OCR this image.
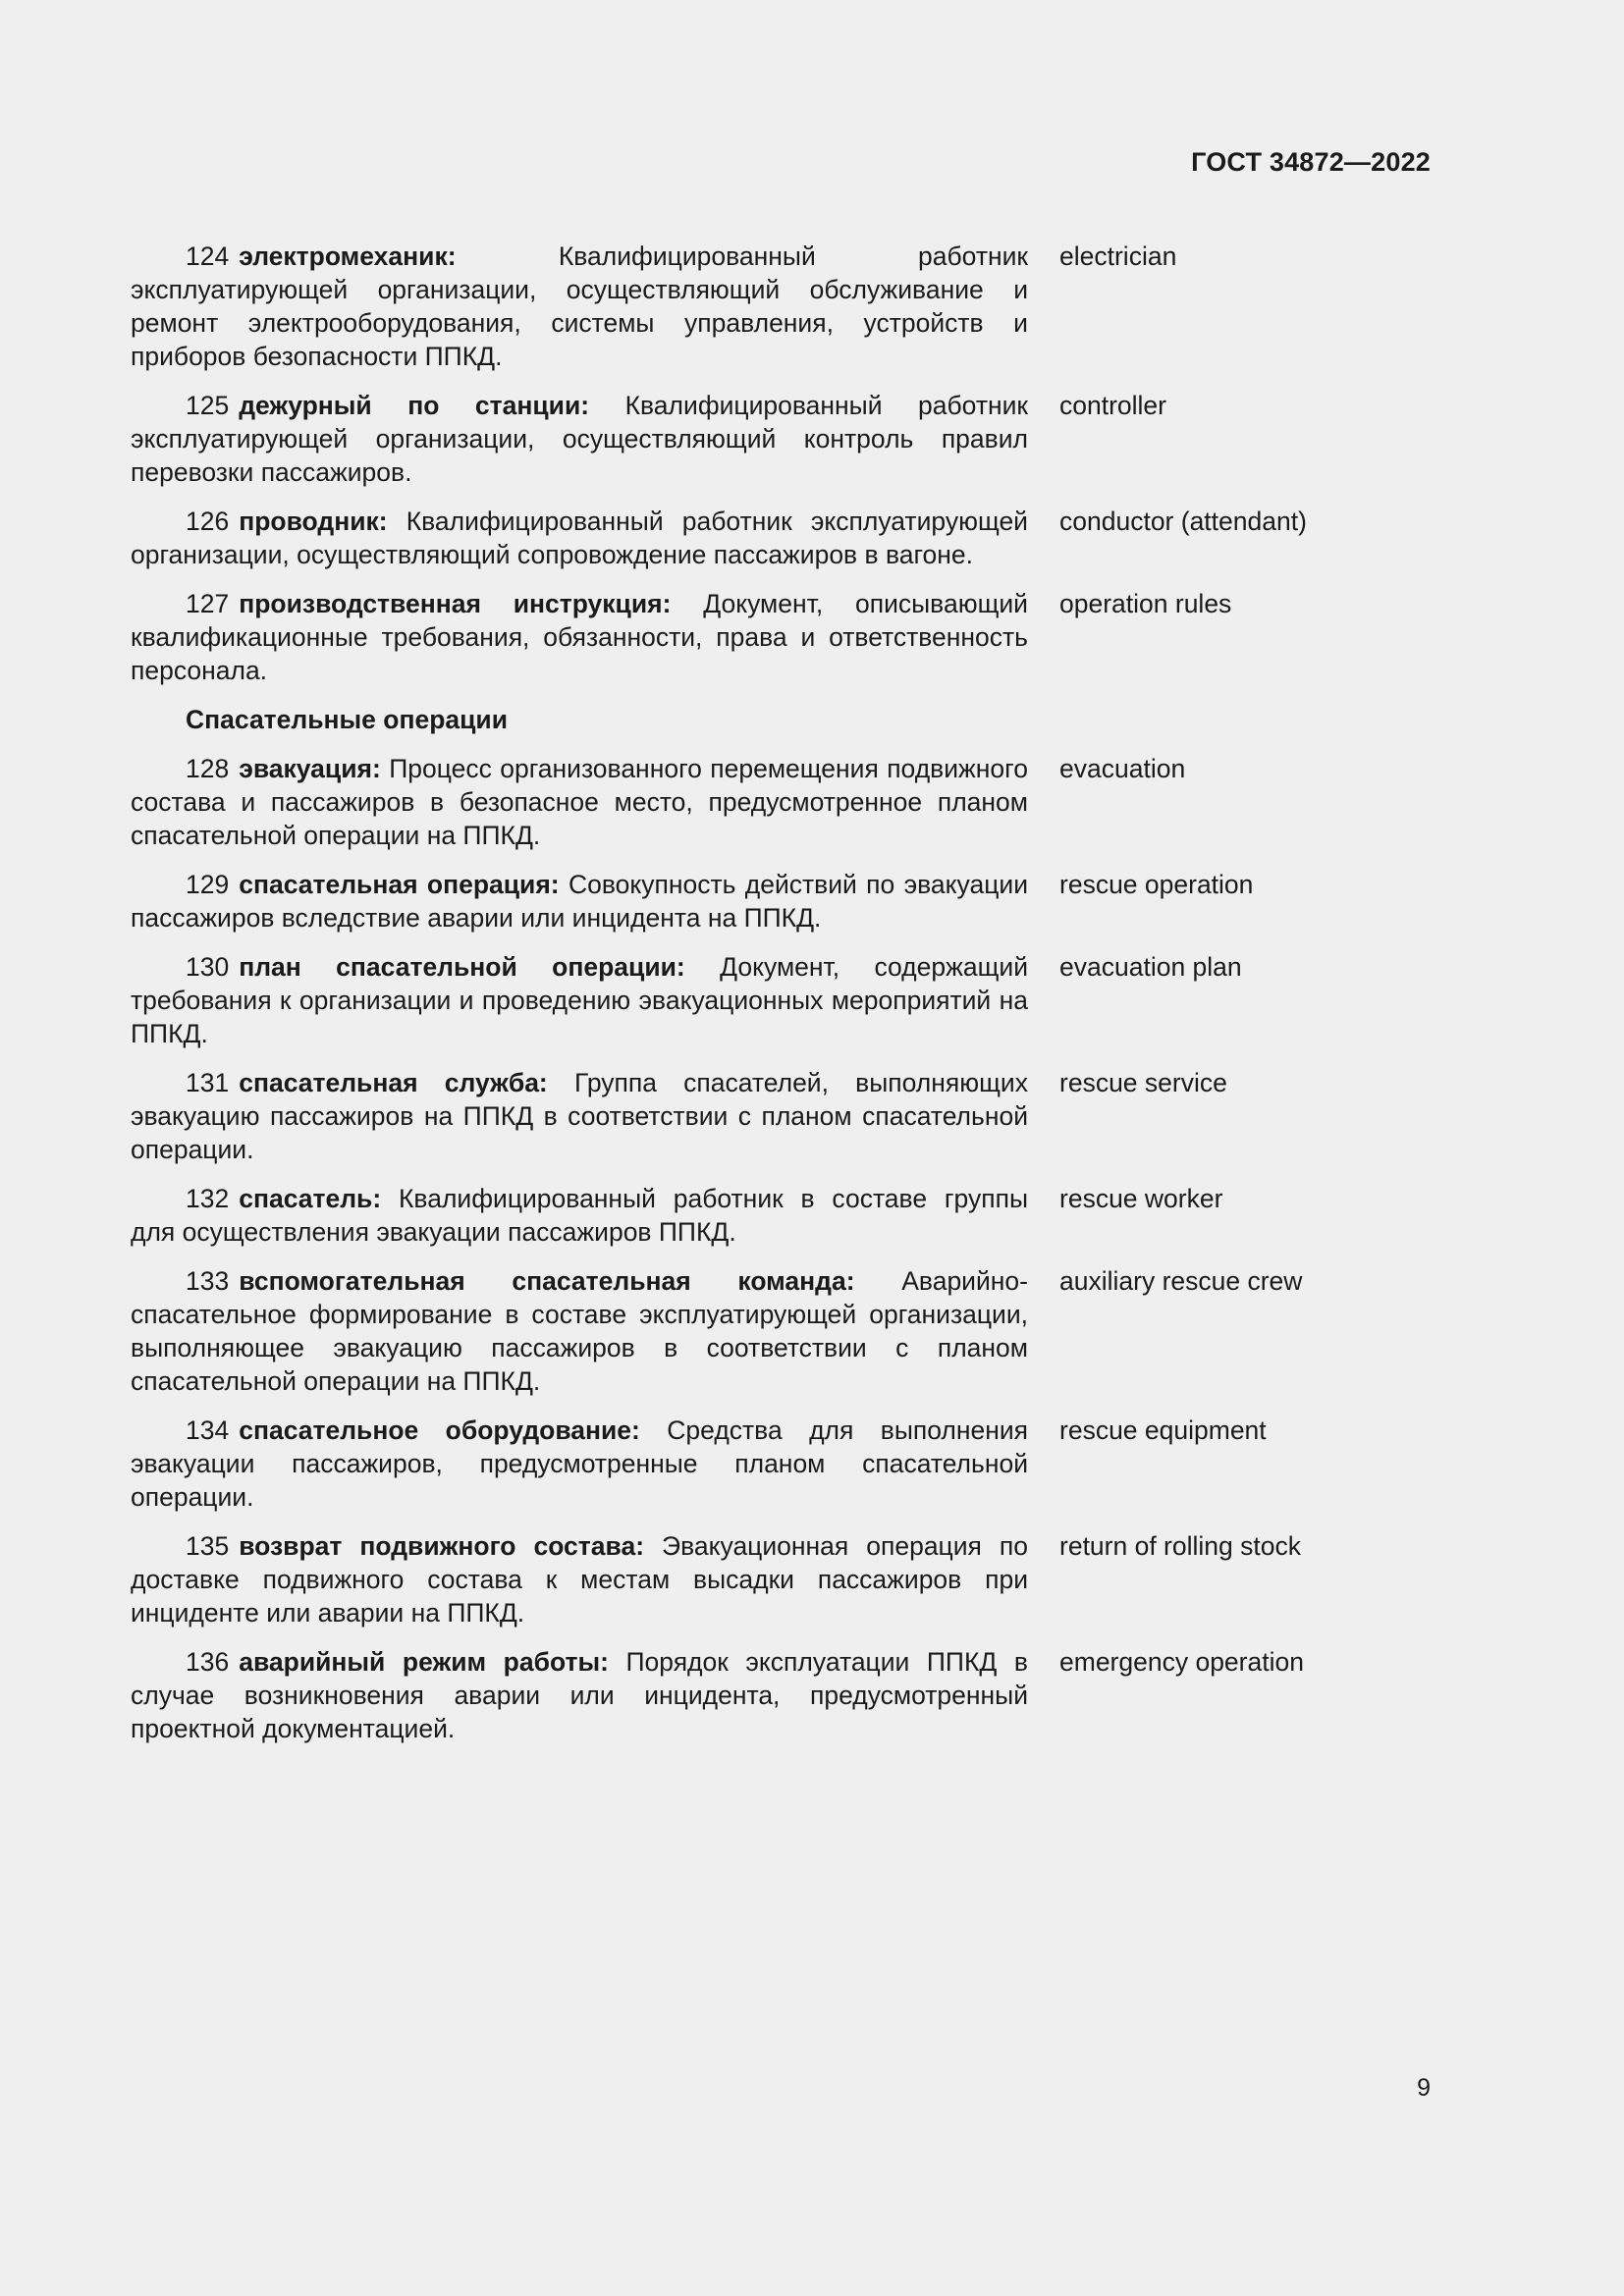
ГОСТ 34872—2022
124 электромеханик:	Квалифицированный работник эксплуатирующей организации, осуществляющий обслуживание и ремонт электрооборудования, системы управления, устройств и приборов безопасности ППКД.
electrician
125 дежурный по станции: Квалифицированный работник эксплуатирующей организации, осуществляющий контроль правил перевозки пассажиров.
controller
126 проводник: Квалифицированный работник эксплуатирующей организации, осуществляющий сопровождение пассажиров в вагоне.
conductor (attendant)
127 производственная инструкция: Документ, описывающий квалификационные требования, обязанности, права и ответственность персонала.
operation rules
Спасательные операции
128 эвакуация: Процесс организованного перемещения подвижного состава и пассажиров в безопасное место, предусмотренное планом спасательной операции на ППКД.
evacuation
129 спасательная операция: Совокупность действий по эвакуации пассажиров вследствие аварии или инцидента на ППКД.
rescue operation
130 план спасательной операции: Документ, содержащий требования к организации и проведению эвакуационных мероприятий на ППКД.
evacuation plan
131 спасательная служба: Группа спасателей, выполняющих эвакуацию пассажиров на ППКД в соответствии с планом спасательной операции.
rescue service
132 спасатель: Квалифицированный работник в составе группы для осуществления эвакуации пассажиров ППКД.
rescue worker
133 вспомогательная спасательная команда: Аварийно-спасательное формирование в составе эксплуатирующей организации, выполняющее эвакуацию пассажиров в соответствии с планом спасательной операции на ППКД.
auxiliary rescue crew
134 спасательное оборудование: Средства для выполнения эвакуации пассажиров, предусмотренные планом спасательной операции.
rescue equipment
135 возврат подвижного состава: Эвакуационная операция по доставке подвижного состава к местам высадки пассажиров при инциденте или аварии на ППКД.
return of rolling stock
136 аварийный режим работы: Порядок эксплуатации ППКД в случае возникновения аварии или инцидента, предусмотренный проектной документацией.
emergency operation
9
